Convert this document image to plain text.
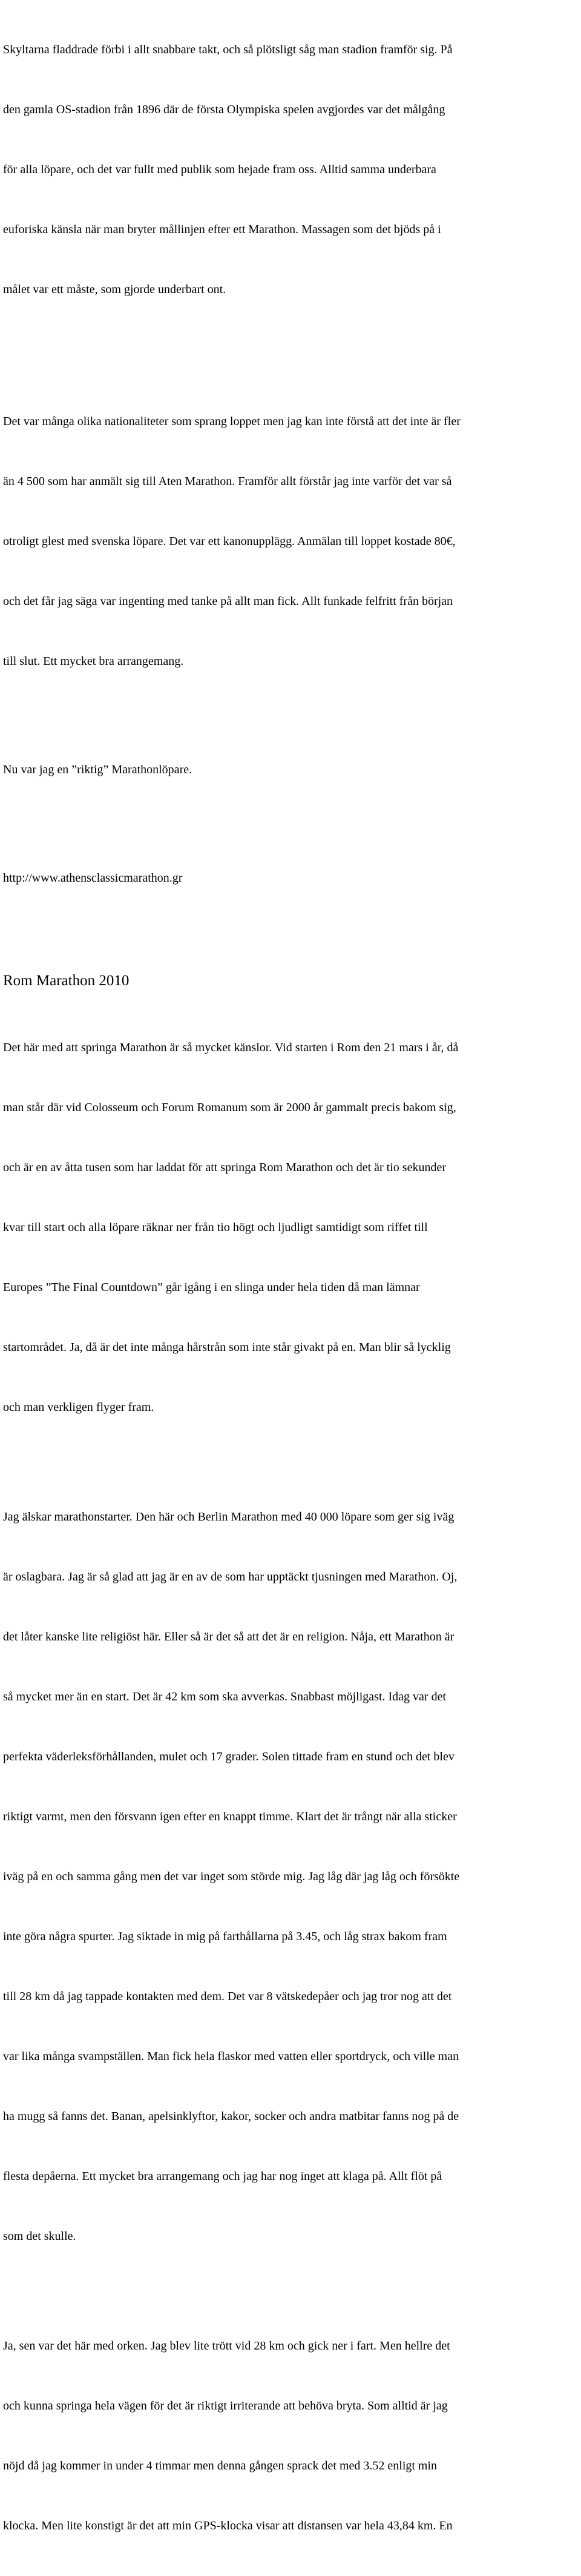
Skyltarna fladdrade förbi i allt snabbare takt, och så plötsligt såg man stadion framför sig. På

den gamla OS-stadion från 1896 där de första Olympiska spelen avgjordes var det målgång

för alla löpare, och det var fullt med publik som hejade fram oss. Alltid samma underbara

euforiska känsla när man bryter mållinjen efter ett Marathon. Massagen som det bjöds på i

målet var ett måste, som gjorde underbart ont.

Det var många olika nationaliteter som sprang loppet men jag kan inte förstå att det inte är fler

än 4 500 som har anmält sig till Aten Marathon. Framför allt förstår jag inte varför det var så

otroligt glest med svenska löpare. Det var ett kanonupplägg. Anmälan till loppet kostade 80€,

och det får jag säga var ingenting med tanke på allt man fick. Allt funkade felfritt från början

till slut. Ett mycket bra arrangemang.

Nu var jag en ”riktig” Marathonlöpare.

http://www.athensclassicmarathon.gr

Rom Marathon 2010

Det här med att springa Marathon är så mycket känslor. Vid starten i Rom den 21 mars i år, då

man står där vid Colosseum och Forum Romanum som är 2000 år gammalt precis bakom sig,

och är en av åtta tusen som har laddat för att springa Rom Marathon och det är tio sekunder

kvar till start och alla löpare räknar ner från tio högt och ljudligt samtidigt som riffet till

Europes ”The Final Countdown” går igång i en slinga under hela tiden då man lämnar

startområdet. Ja, då är det inte många hårstrån som inte står givakt på en. Man blir så lycklig

och man verkligen flyger fram.

Jag älskar marathonstarter. Den här och Berlin Marathon med 40 000 löpare som ger sig iväg

är oslagbara. Jag är så glad att jag är en av de som har upptäckt tjusningen med Marathon. Oj,

det låter kanske lite religiöst här. Eller så är det så att det är en religion. Nåja, ett Marathon är

så mycket mer än en start. Det är 42 km som ska avverkas. Snabbast möjligast. Idag var det

perfekta väderleksförhållanden, mulet och 17 grader. Solen tittade fram en stund och det blev

riktigt varmt, men den försvann igen efter en knappt timme. Klart det är trångt när alla sticker

iväg på en och samma gång men det var inget som störde mig. Jag låg där jag låg och försökte

inte göra några spurter. Jag siktade in mig på farthållarna på 3.45, och låg strax bakom fram

till 28 km då jag tappade kontakten med dem. Det var 8 vätskedepåer och jag tror nog att det

var lika många svampställen. Man fick hela flaskor med vatten eller sportdryck, och ville man

ha mugg så fanns det. Banan, apelsinklyftor, kakor, socker och andra matbitar fanns nog på de

flesta depåerna. Ett mycket bra arrangemang och jag har nog inget att klaga på. Allt flöt på

som det skulle.

Ja, sen var det här med orken. Jag blev lite trött vid 28 km och gick ner i fart. Men hellre det

och kunna springa hela vägen för det är riktigt irriterande att behöva bryta. Som alltid är jag

nöjd då jag kommer in under 4 timmar men denna gången sprack det med 3.52 enligt min

klocka. Men lite konstigt är det att min GPS-klocka visar att distansen var hela 43,84 km. En
